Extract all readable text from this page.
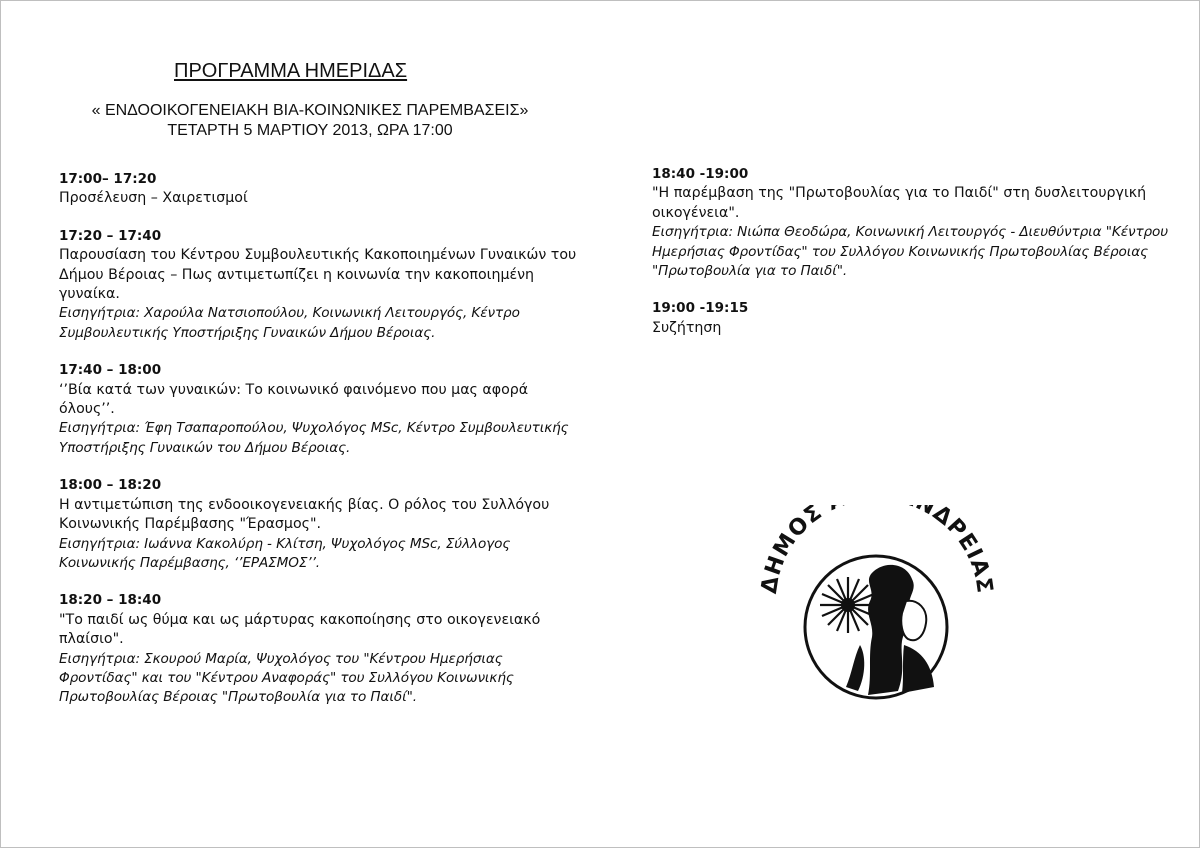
ΠΡΟΓΡΑΜΜΑ ΗΜΕΡΙΔΑΣ
« ΕΝΔΟΟΙΚΟΓΕΝΕΙΑΚΗ ΒΙΑ-ΚΟΙΝΩΝΙΚΕΣ ΠΑΡΕΜΒΑΣΕΙΣ»
ΤΕΤΑΡΤΗ 5 ΜΑΡΤΙΟΥ 2013, ΩΡΑ 17:00
17:00– 17:20
Προσέλευση – Χαιρετισμοί
17:20 – 17:40
Παρουσίαση του Κέντρου Συμβουλευτικής Κακοποιημένων Γυναικών του Δήμου Βέροιας – Πως αντιμετωπίζει η κοινωνία την κακοποιημένη γυναίκα.
Εισηγήτρια: Χαρούλα Νατσιοπούλου, Κοινωνική Λειτουργός, Κέντρο Συμβουλευτικής Υποστήριξης Γυναικών Δήμου Βέροιας.
17:40 – 18:00
‘’Βία κατά των γυναικών: Το κοινωνικό φαινόμενο που μας αφορά όλους’’.
Εισηγήτρια: Έφη Τσαπαροπούλου, Ψυχολόγος MSc, Κέντρο Συμβουλευτικής Υποστήριξης Γυναικών του Δήμου Βέροιας.
18:00 – 18:20
Η αντιμετώπιση της ενδοοικογενειακής βίας. Ο ρόλος του Συλλόγου Κοινωνικής Παρέμβασης "Έρασμος".
Εισηγήτρια: Ιωάννα Κακολύρη - Κλίτση, Ψυχολόγος MSc, Σύλλογος Κοινωνικής Παρέμβασης, ‘’ΕΡΑΣΜΟΣ’’.
18:20 – 18:40
"Το παιδί ως θύμα και ως μάρτυρας κακοποίησης στο οικογενειακό πλαίσιο".
Εισηγήτρια: Σκουρού Μαρία, Ψυχολόγος του "Κέντρου Ημερήσιας Φροντίδας" και του "Κέντρου Αναφοράς" του Συλλόγου Κοινωνικής Πρωτοβουλίας Βέροιας "Πρωτοβουλία για το Παιδί".
18:40 -19:00
"Η παρέμβαση της "Πρωτοβουλίας για το Παιδί" στη δυσλειτουργική οικογένεια".
Εισηγήτρια: Νιώπα Θεοδώρα, Κοινωνική Λειτουργός - Διευθύντρια "Κέντρου Ημερήσιας Φροντίδας" του Συλλόγου Κοινωνικής Πρωτοβουλίας Βέροιας "Πρωτοβουλία για το Παιδί".
19:00 -19:15
Συζήτηση
ΔΗΜΟΣ ΝΔΡΕΙΑΣ
